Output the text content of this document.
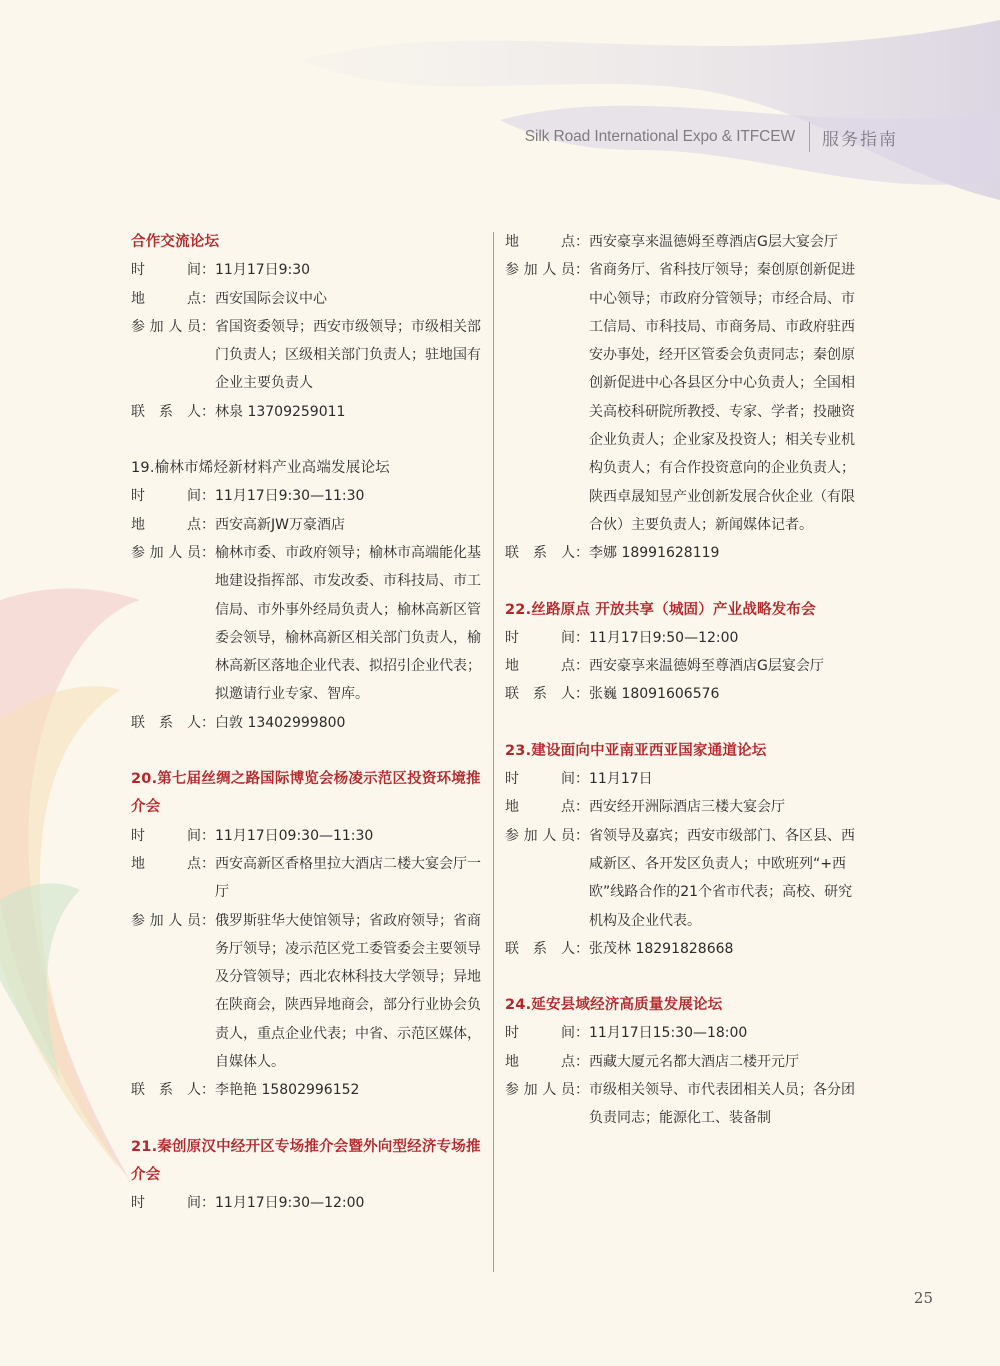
Silk Road International Expo & ITFCEW 服务指南
合作交流论坛
时间 ： 11月17日9:30
地点 ： 西安国际会议中心
参加人员 ： 省国资委领导；西安市级领导；市级相关部门负责人；区级相关部门负责人；驻地国有企业主要负责人
联系人 ： 林泉 13709259011
19.榆林市烯烃新材料产业高端发展论坛
时间 ： 11月17日9:30—11:30
地点 ： 西安高新JW万豪酒店
参加人员 ： 榆林市委、市政府领导；榆林市高端能化基地建设指挥部、市发改委、市科技局、市工信局、市外事外经局负责人；榆林高新区管委会领导，榆林高新区相关部门负责人，榆林高新区落地企业代表、拟招引企业代表；拟邀请行业专家、智库。
联系人 ： 白敦 13402999800
20.第七届丝绸之路国际博览会杨凌示范区投资环境推介会
时间 ： 11月17日09:30—11:30
地点 ： 西安高新区香格里拉大酒店二楼大宴会厅一厅
参加人员 ： 俄罗斯驻华大使馆领导；省政府领导；省商务厅领导；凌示范区党工委管委会主要领导及分管领导；西北农林科技大学领导；异地在陕商会，陕西异地商会，部分行业协会负责人，重点企业代表；中省、示范区媒体，自媒体人。
联系人 ： 李艳艳 15802996152
21.秦创原汉中经开区专场推介会暨外向型经济专场推介会
时间 ： 11月17日9:30—12:00
地点 ： 西安豪享来温德姆至尊酒店G层大宴会厅
参加人员 ： 省商务厅、省科技厅领导；秦创原创新促进中心领导；市政府分管领导；市经合局、市工信局、市科技局、市商务局、市政府驻西安办事处，经开区管委会负责同志；秦创原创新促进中心各县区分中心负责人；全国相关高校科研院所教授、专家、学者；投融资企业负责人；企业家及投资人；相关专业机构负责人；有合作投资意向的企业负责人；陕西卓晟知昱产业创新发展合伙企业（有限合伙）主要负责人；新闻媒体记者。
联系人 ： 李娜 18991628119
22.丝路原点 开放共享（城固）产业战略发布会
时间 ： 11月17日9:50—12:00
地点 ： 西安豪享来温德姆至尊酒店G层宴会厅
联系人 ： 张巍 18091606576
23.建设面向中亚南亚西亚国家通道论坛
时间 ： 11月17日
地点 ： 西安经开洲际酒店三楼大宴会厅
参加人员 ： 省领导及嘉宾；西安市级部门、各区县、西咸新区、各开发区负责人；中欧班列“+西欧”线路合作的21个省市代表；高校、研究机构及企业代表。
联系人 ： 张茂林 18291828668
24.延安县域经济高质量发展论坛
时间 ： 11月17日15:30—18:00
地点 ： 西藏大厦元名都大酒店二楼开元厅
参加人员 ： 市级相关领导、市代表团相关人员；各分团负责同志；能源化工、装备制
25
